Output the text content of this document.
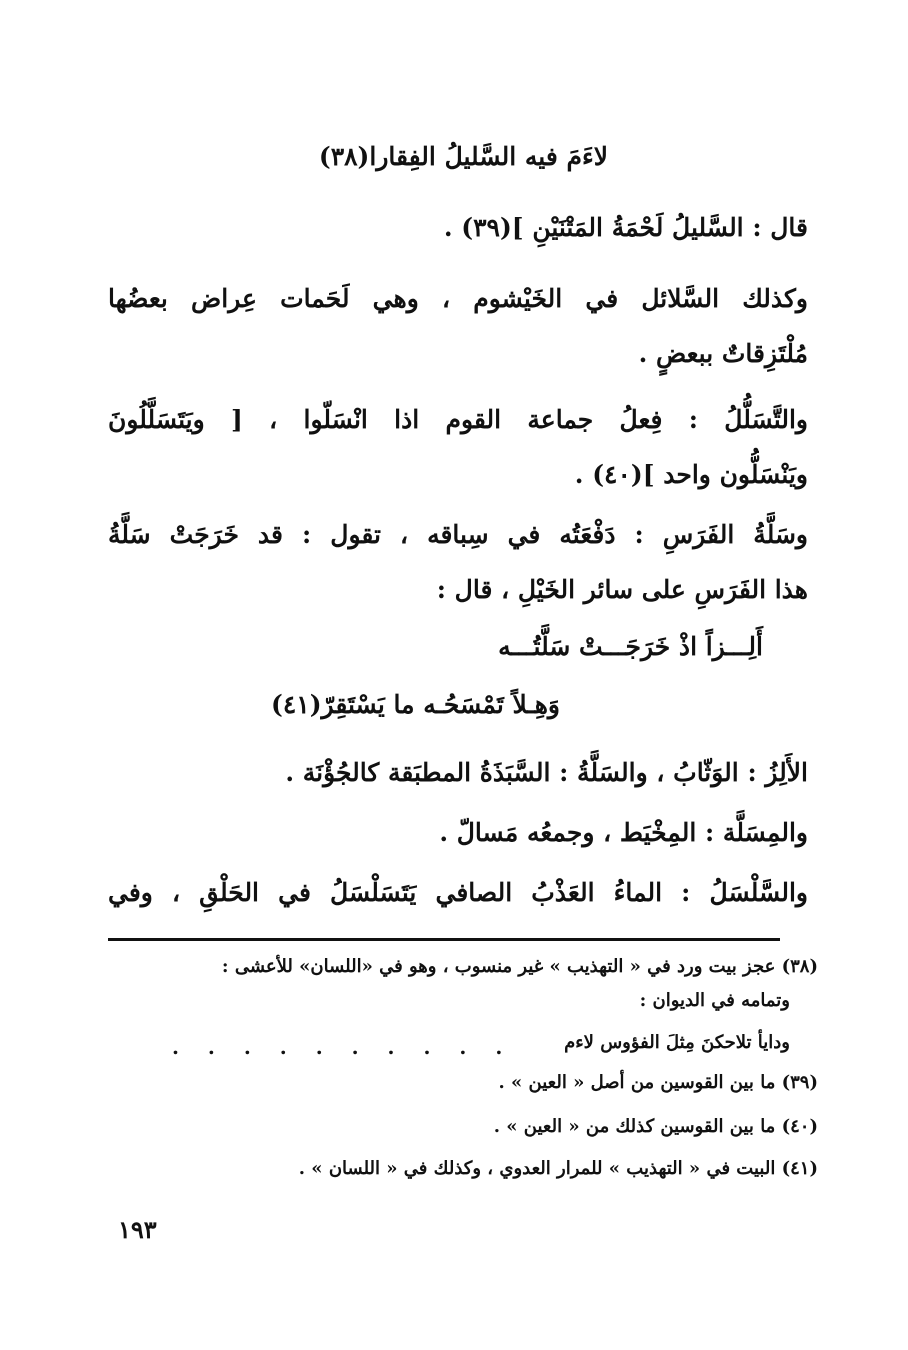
لاءَمَ فيه السَّليلُ الفِقارا(٣٨)
قال : السَّليلُ لَحْمَةُ المَتْنَيْنِ ](٣٩) .
وكذلك السَّلائل في الخَيْشوم ، وهي لَحَمات عِراض بعضُها
مُلْتَزِقاتٌ ببعضٍ .
والتَّسَلُّلُ : فِعلُ جماعة القوم اذا انْسَلّوا ، [ ويَتَسَلَّلُونَ
ويَنْسَلُّون واحد ](٤٠) .
وسَلَّةُ الفَرَسِ : دَفْعَتُه في سِباقه ، تقول : قد خَرَجَتْ سَلَّةُ
هذا الفَرَسِ على سائر الخَيْلِ ، قال :
أَلِـــزاً اذْ خَرَجَـــتْ سَلَّتُـــه
وَهِـلاً تَمْسَحُـه ما يَسْتَقِرّ(٤١)
الأَلِزُ : الوَثّابُ ، والسَلَّةُ : السَّبَذَةُ المطبَقة كالجُؤْنَة .
والمِسَلَّة : المِخْيَط ، وجمعُه مَسالّ .
والسَّلْسَلُ : الماءُ العَذْبُ الصافي يَتَسَلْسَلُ في الحَلْقِ ، وفي
(٣٨) عجز بيت ورد في « التهذيب » غير منسوب ، وهو في «اللسان» للأعشى :
وتمامه في الديوان :
ودايأ تلاحكنَ مِثلَ الفؤوس لاءم
. . . . . . . . . .
(٣٩) ما بين القوسين من أصل « العين » .
(٤٠) ما بين القوسين كذلك من « العين » .
(٤١) البيت في « التهذيب » للمرار العدوي ، وكذلك في « اللسان » .
١٩٣
